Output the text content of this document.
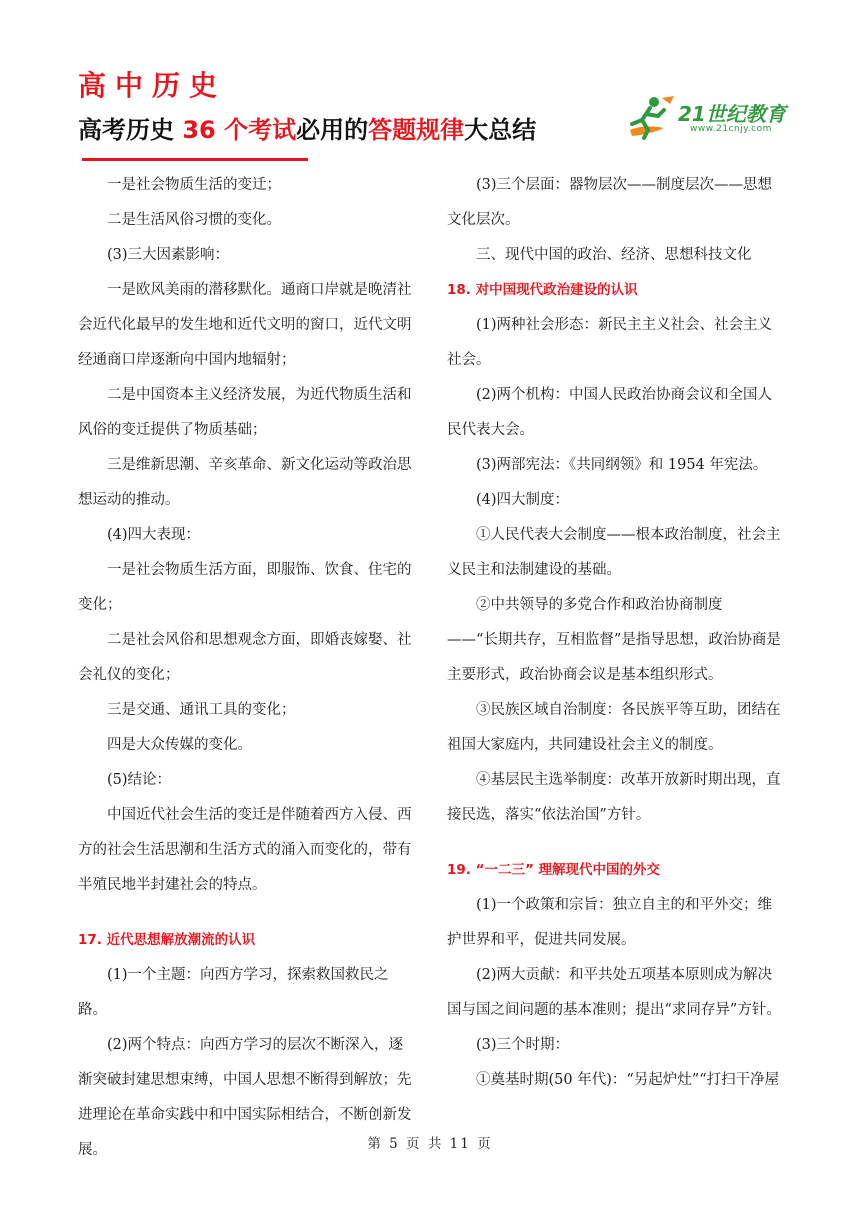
高中历史
高考历史 36 个考试必用的答题规律大总结
21世纪教育
www.21cnjy.com

一是社会物质生活的变迁；

二是生活风俗习惯的变化。

(3)三大因素影响：

一是欧风美雨的潜移默化。通商口岸就是晚清社会近代化最早的发生地和近代文明的窗口，近代文明经通商口岸逐渐向中国内地辐射；

二是中国资本主义经济发展，为近代物质生活和风俗的变迁提供了物质基础；

三是维新思潮、辛亥革命、新文化运动等政治思想运动的推动。

(4)四大表现：

一是社会物质生活方面，即服饰、饮食、住宅的变化；

二是社会风俗和思想观念方面，即婚丧嫁娶、社会礼仪的变化；

三是交通、通讯工具的变化；

四是大众传媒的变化。

(5)结论：

中国近代社会生活的变迁是伴随着西方入侵、西方的社会生活思潮和生活方式的涌入而变化的，带有半殖民地半封建社会的特点。

17. 近代思想解放潮流的认识

(1)一个主题：向西方学习，探索救国救民之路。

(2)两个特点：向西方学习的层次不断深入，逐渐突破封建思想束缚，中国人思想不断得到解放；先进理论在革命实践中和中国实际相结合，不断创新发展。

(3)三个层面：器物层次——制度层次——思想文化层次。

三、现代中国的政治、经济、思想科技文化

18. 对中国现代政治建设的认识

(1)两种社会形态：新民主主义社会、社会主义社会。

(2)两个机构：中国人民政治协商会议和全国人民代表大会。

(3)两部宪法：《共同纲领》和 1954 年宪法。

(4)四大制度：

①人民代表大会制度——根本政治制度，社会主义民主和法制建设的基础。

②中共领导的多党合作和政治协商制度

——“长期共存，互相监督”是指导思想，政治协商是主要形式，政治协商会议是基本组织形式。

③民族区域自治制度：各民族平等互助，团结在祖国大家庭内，共同建设社会主义的制度。

④基层民主选举制度：改革开放新时期出现，直接民选，落实“依法治国”方针。

19. “一二三” 理解现代中国的外交

(1)一个政策和宗旨：独立自主的和平外交；维护世界和平，促进共同发展。

(2)两大贡献：和平共处五项基本原则成为解决国与国之间问题的基本准则；提出“求同存异”方针。

(3)三个时期：

①奠基时期(50 年代)：“另起炉灶”“打扫干净屋

第 5 页 共 11 页
